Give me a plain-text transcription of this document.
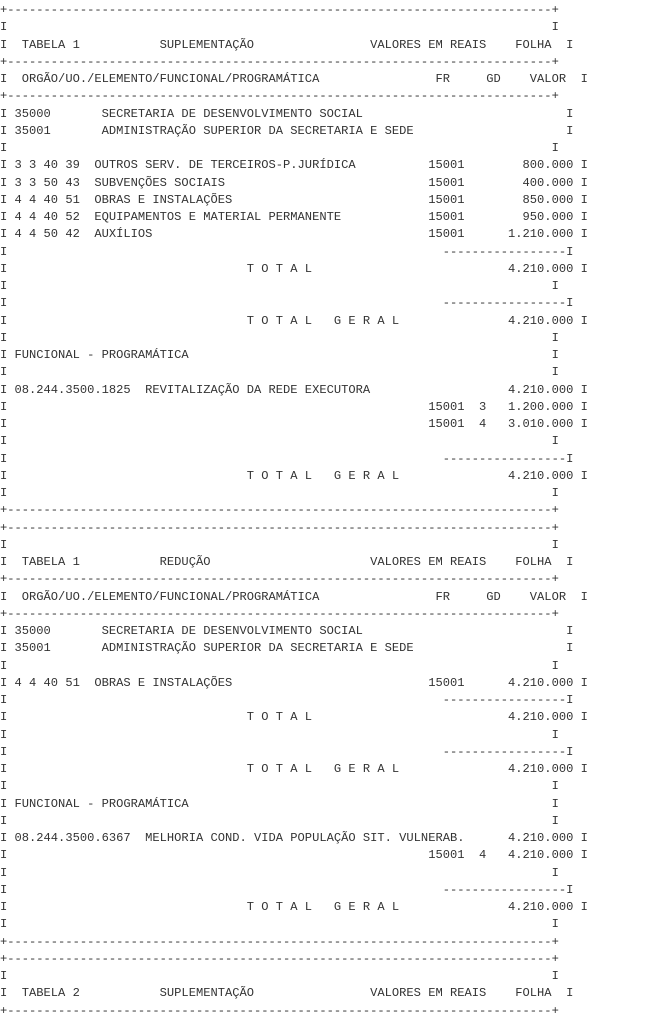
+---------------------------------------------------------------------------+
I                                                                           I
I  TABELA 1           SUPLEMENTAÇÃO                VALORES EM REAIS    FOLHA  I
+---------------------------------------------------------------------------+
I  ORGÃO/UO./ELEMENTO/FUNCIONAL/PROGRAMÁTICA                FR     GD    VALOR  I
+---------------------------------------------------------------------------+
I 35000       SECRETARIA DE DESENVOLVIMENTO SOCIAL                            I
I 35001       ADMINISTRAÇÃO SUPERIOR DA SECRETARIA E SEDE                     I
I                                                                           I
I 3 3 40 39  OUTROS SERV. DE TERCEIROS-P.JURÍDICA          15001        800.000 I
I 3 3 50 43  SUBVENÇÕES SOCIAIS                            15001        400.000 I
I 4 4 40 51  OBRAS E INSTALAÇÕES                           15001        850.000 I
I 4 4 40 52  EQUIPAMENTOS E MATERIAL PERMANENTE            15001        950.000 I
I 4 4 50 42  AUXÍLIOS                                      15001      1.210.000 I
I                                                            -----------------I
I                                 T O T A L                           4.210.000 I
I                                                                           I
I                                                            -----------------I
I                                 T O T A L   G E R A L               4.210.000 I
I                                                                           I
I FUNCIONAL - PROGRAMÁTICA                                                  I
I                                                                           I
I 08.244.3500.1825  REVITALIZAÇÃO DA REDE EXECUTORA                   4.210.000 I
I                                                          15001  3   1.200.000 I
I                                                          15001  4   3.010.000 I
I                                                                           I
I                                                            -----------------I
I                                 T O T A L   G E R A L               4.210.000 I
I                                                                           I
+---------------------------------------------------------------------------+
+---------------------------------------------------------------------------+
I                                                                           I
I  TABELA 1           REDUÇÃO                      VALORES EM REAIS    FOLHA  I
+---------------------------------------------------------------------------+
I  ORGÃO/UO./ELEMENTO/FUNCIONAL/PROGRAMÁTICA                FR     GD    VALOR  I
+---------------------------------------------------------------------------+
I 35000       SECRETARIA DE DESENVOLVIMENTO SOCIAL                            I
I 35001       ADMINISTRAÇÃO SUPERIOR DA SECRETARIA E SEDE                     I
I                                                                           I
I 4 4 40 51  OBRAS E INSTALAÇÕES                           15001      4.210.000 I
I                                                            -----------------I
I                                 T O T A L                           4.210.000 I
I                                                                           I
I                                                            -----------------I
I                                 T O T A L   G E R A L               4.210.000 I
I                                                                           I
I FUNCIONAL - PROGRAMÁTICA                                                  I
I                                                                           I
I 08.244.3500.6367  MELHORIA COND. VIDA POPULAÇÃO SIT. VULNERAB.      4.210.000 I
I                                                          15001  4   4.210.000 I
I                                                                           I
I                                                            -----------------I
I                                 T O T A L   G E R A L               4.210.000 I
I                                                                           I
+---------------------------------------------------------------------------+
+---------------------------------------------------------------------------+
I                                                                           I
I  TABELA 2           SUPLEMENTAÇÃO                VALORES EM REAIS    FOLHA  I
+---------------------------------------------------------------------------+
